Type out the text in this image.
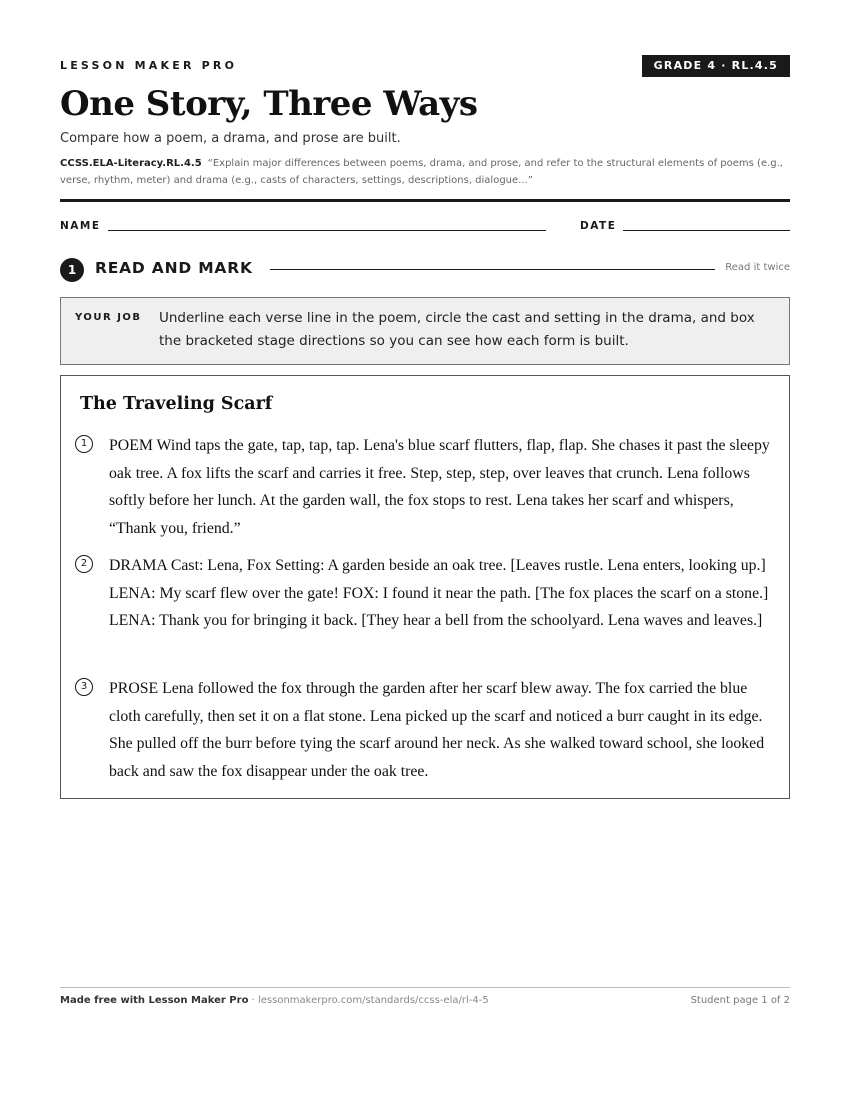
LESSON MAKER PRO	GRADE 4 · RL.4.5
One Story, Three Ways
Compare how a poem, a drama, and prose are built.
CCSS.ELA-Literacy.RL.4.5 “Explain major differences between poems, drama, and prose, and refer to the structural elements of poems (e.g., verse, rhythm, meter) and drama (e.g., casts of characters, settings, descriptions, dialogue...”
NAME	DATE
1	READ AND MARK	Read it twice
YOUR JOB Underline each verse line in the poem, circle the cast and setting in the drama, and box the bracketed stage directions so you can see how each form is built.
The Traveling Scarf
1	POEM Wind taps the gate, tap, tap, tap. Lena's blue scarf flutters, flap, flap. She chases it past the sleepy oak tree. A fox lifts the scarf and carries it free. Step, step, step, over leaves that crunch. Lena follows softly before her lunch. At the garden wall, the fox stops to rest. Lena takes her scarf and whispers, “Thank you, friend.”
2	DRAMA Cast: Lena, Fox Setting: A garden beside an oak tree. [Leaves rustle. Lena enters, looking up.] LENA: My scarf flew over the gate! FOX: I found it near the path. [The fox places the scarf on a stone.] LENA: Thank you for bringing it back. [They hear a bell from the schoolyard. Lena waves and leaves.]
3	PROSE Lena followed the fox through the garden after her scarf blew away. The fox carried the blue cloth carefully, then set it on a flat stone. Lena picked up the scarf and noticed a burr caught in its edge. She pulled off the burr before tying the scarf around her neck. As she walked toward school, she looked back and saw the fox disappear under the oak tree.
Made free with Lesson Maker Pro · lessonmakerpro.com/standards/ccss-ela/rl-4-5	Student page 1 of 2
